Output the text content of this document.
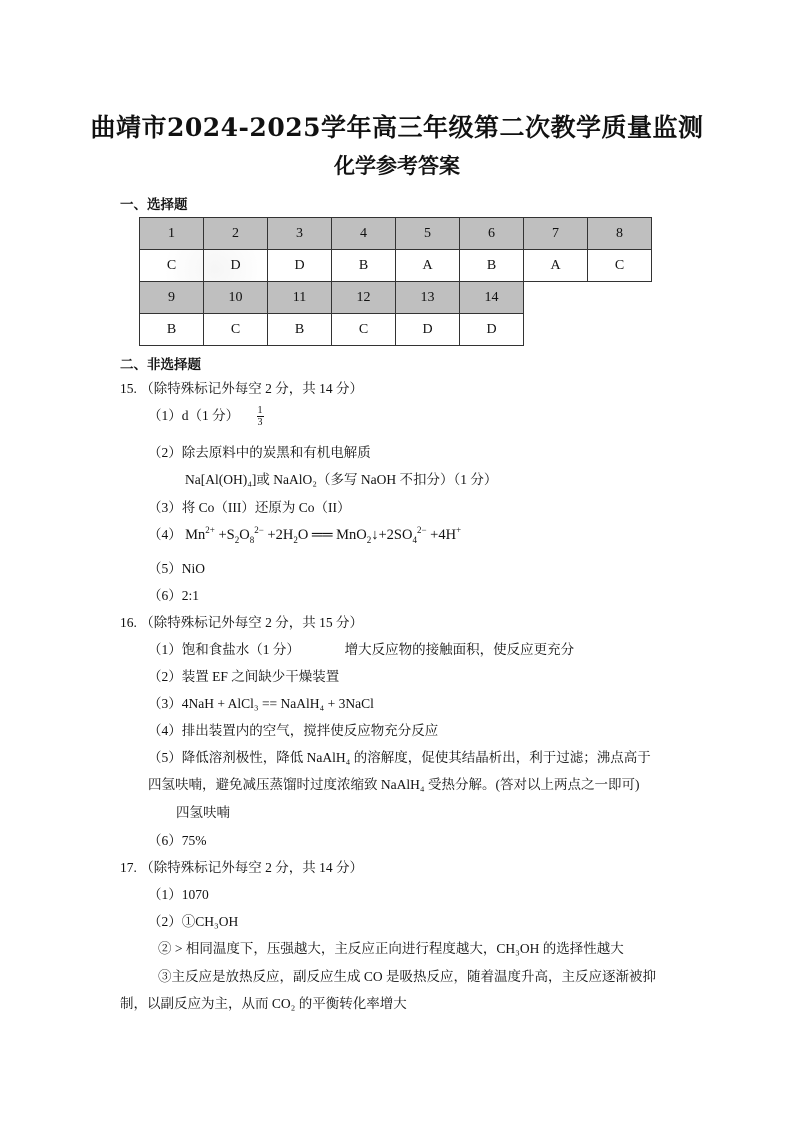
曲靖市2024-2025学年高三年级第二次教学质量监测
化学参考答案
一、选择题
1	2	3	4	5	6	7	8
C	D	D	B	A	B	A	C
9	10	11	12	13	14		
B	C	B	C	D	D		
二、非选择题
15. （除特殊标记外每空 2 分，共 14 分）
（1）d（1 分） $\frac{1}{3}$
（2）除去原料中的炭黑和有机电解质
Na[Al(OH)₄]或 NaAlO₂（多写 NaOH 不扣分）（1 分）
（3）将 Co（III）还原为 Co（II）
（4） $Mn^{2+} +S_2O_8^{2-} +2H_2O$ ══ $MnO_2↓+2SO_4^{2-} +4H^+$
（5）NiO
（6）2:1
16. （除特殊标记外每空 2 分，共 15 分）
（1）饱和食盐水（1 分）	增大反应物的接触面积，使反应更充分
（2）装置 EF 之间缺少干燥装置
（3）4NaH + AlCl₃ == NaAlH₄ + 3NaCl
（4）排出装置内的空气，搅拌使反应物充分反应
（5）降低溶剂极性，降低 NaAlH₄ 的溶解度，促使其结晶析出，利于过滤；沸点高于
四氢呋喃，避免减压蒸馏时过度浓缩致 NaAlH₄ 受热分解。(答对以上两点之一即可)
四氢呋喃
（6）75%
17. （除特殊标记外每空 2 分，共 14 分）
（1）1070
（2）①CH₃OH
② > 相同温度下，压强越大，主反应正向进行程度越大，CH₃OH 的选择性越大
③主反应是放热反应，副反应生成 CO 是吸热反应，随着温度升高，主反应逐渐被抑
制，以副反应为主，从而 CO₂ 的平衡转化率增大
